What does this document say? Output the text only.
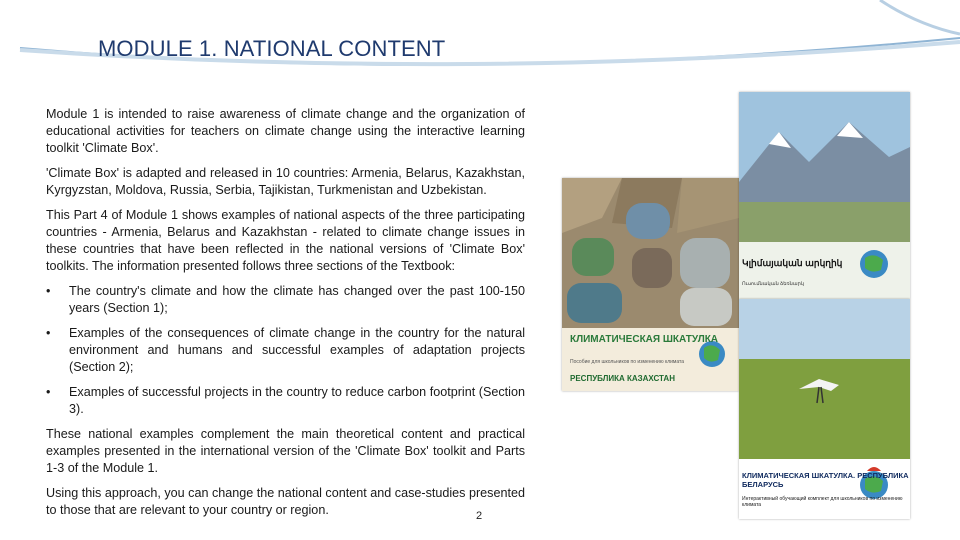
MODULE 1. NATIONAL CONTENT

Module 1 is intended to raise awareness of climate change and the organization of educational activities for teachers on climate change using the interactive learning toolkit 'Climate Box'.

'Climate Box' is adapted and released in 10 countries: Armenia, Belarus, Kazakhstan, Kyrgyzstan, Moldova, Russia, Serbia, Tajikistan, Turkmenistan and Uzbekistan.

This Part 4 of Module 1 shows examples of national aspects of the three participating countries - Armenia, Belarus and Kazakhstan - related to climate change issues in these countries that have been reflected in the national versions of 'Climate Box' toolkits. The information presented follows three sections of the Textbook:

• The country's climate and how the climate has changed over the past 100-150 years (Section 1);
• Examples of the consequences of climate change in the country for the natural environment and humans and successful examples of adaptation projects (Section 2);
• Examples of successful projects in the country to reduce carbon footprint (Section 3).

These national examples complement the main theoretical content and practical examples presented in the international version of the 'Climate Box' toolkit and Parts 1-3 of the Module 1.

Using this approach, you can change the national content and case-studies presented to those that are relevant to your country or region.	2
КЛИМАТИЧЕСКАЯ ШКАТУЛКА
Пособие для школьников по изменению климата
РЕСПУБЛИКА КАЗАХСТАН
Կլիմայական արկղիկ
Ուսումնական ձեռնարկ
КЛИМАТИЧЕСКАЯ ШКАТУЛКА. РЕСПУБЛИКА БЕЛАРУСЬ
Интерактивный обучающий комплект для школьников по изменению климата
